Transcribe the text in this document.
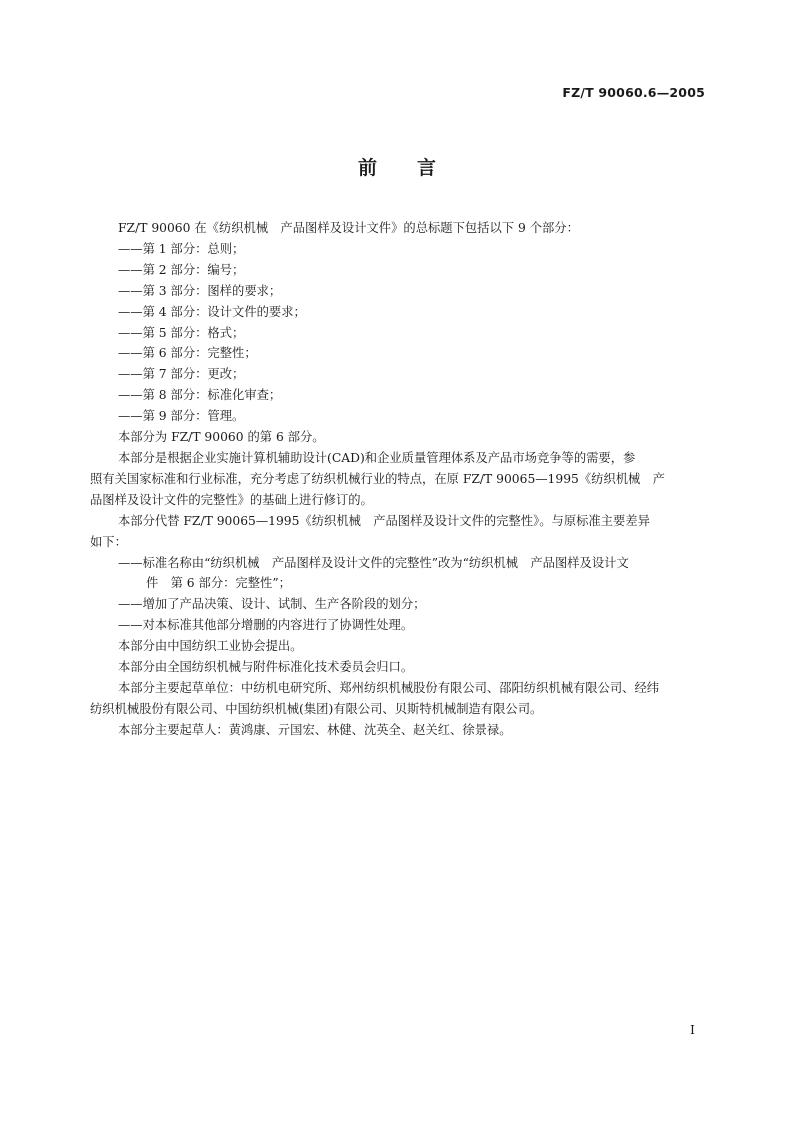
FZ/T 90060.6—2005
前 言

FZ/T 90060 在《纺织机械　产品图样及设计文件》的总标题下包括以下 9 个部分：

——第 1 部分：总则；

——第 2 部分：编号；

——第 3 部分：图样的要求；

——第 4 部分：设计文件的要求；

——第 5 部分：格式；

——第 6 部分：完整性；

——第 7 部分：更改；

——第 8 部分：标准化审查；

——第 9 部分：管理。

本部分为 FZ/T 90060 的第 6 部分。

本部分是根据企业实施计算机辅助设计(CAD)和企业质量管理体系及产品市场竞争等的需要，参

照有关国家标准和行业标准，充分考虑了纺织机械行业的特点，在原 FZ/T 90065—1995《纺织机械　产

品图样及设计文件的完整性》的基础上进行修订的。

本部分代替 FZ/T 90065—1995《纺织机械　产品图样及设计文件的完整性》。与原标准主要差异

如下：

——标准名称由“纺织机械　产品图样及设计文件的完整性”改为“纺织机械　产品图样及设计文

件　第 6 部分：完整性”；

——增加了产品决策、设计、试制、生产各阶段的划分；

——对本标准其他部分增删的内容进行了协调性处理。

本部分由中国纺织工业协会提出。

本部分由全国纺织机械与附件标准化技术委员会归口。

本部分主要起草单位：中纺机电研究所、郑州纺织机械股份有限公司、邵阳纺织机械有限公司、经纬

纺织机械股份有限公司、中国纺织机械(集团)有限公司、贝斯特机械制造有限公司。

本部分主要起草人：黄鸿康、亓国宏、林健、沈英全、赵关红、徐景禄。

I
